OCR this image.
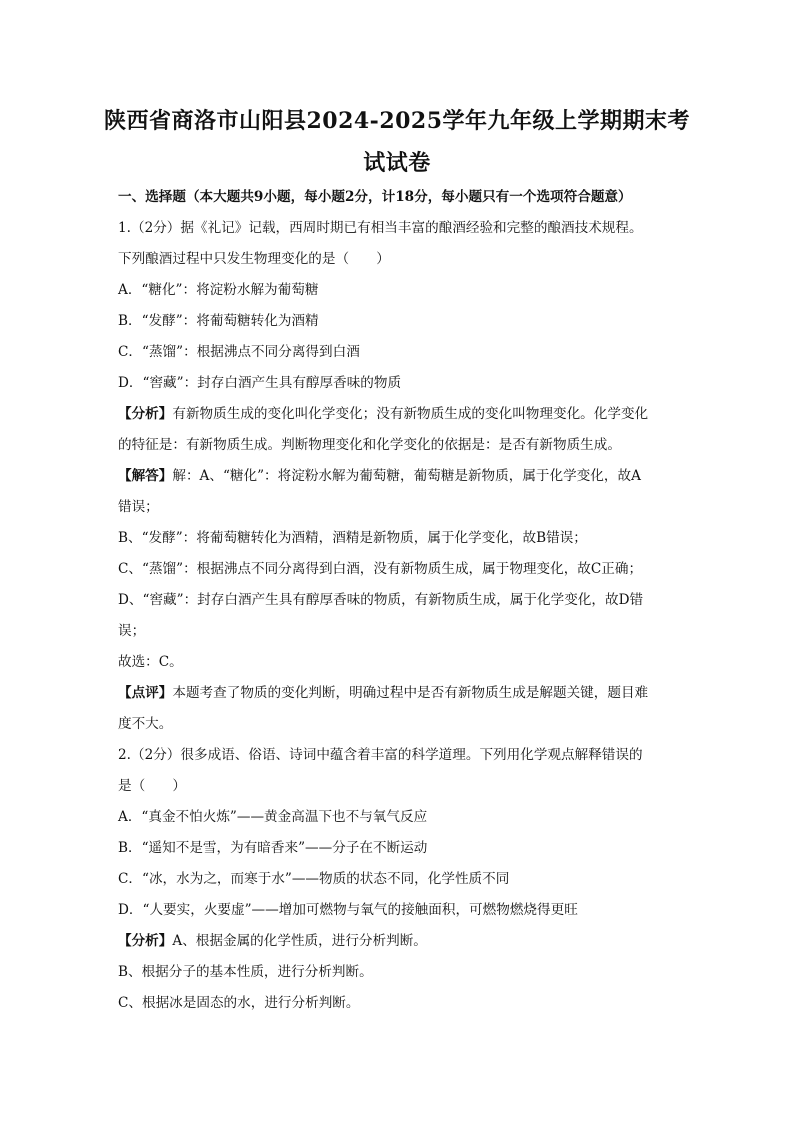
陕西省商洛市山阳县2024-2025学年九年级上学期期末考
试试卷
一、选择题（本大题共9小题，每小题2分，计18分，每小题只有一个选项符合题意）
1.（2分）据《礼记》记载，西周时期已有相当丰富的酿酒经验和完整的酿酒技术规程。
下列酿酒过程中只发生物理变化的是（　　）
A．“糖化”：将淀粉水解为葡萄糖
B．“发酵”：将葡萄糖转化为酒精
C．“蒸馏”：根据沸点不同分离得到白酒
D．“窖藏”：封存白酒产生具有醇厚香味的物质
【分析】有新物质生成的变化叫化学变化；没有新物质生成的变化叫物理变化。化学变化
的特征是：有新物质生成。判断物理变化和化学变化的依据是：是否有新物质生成。
【解答】解：A、“糖化”：将淀粉水解为葡萄糖，葡萄糖是新物质，属于化学变化，故A
错误；
B、“发酵”：将葡萄糖转化为酒精，酒精是新物质，属于化学变化，故B错误；
C、“蒸馏”：根据沸点不同分离得到白酒，没有新物质生成，属于物理变化，故C正确；
D、“窖藏”：封存白酒产生具有醇厚香味的物质，有新物质生成，属于化学变化，故D错
误；
故选：C。
【点评】本题考查了物质的变化判断，明确过程中是否有新物质生成是解题关键，题目难
度不大。
2.（2分）很多成语、俗语、诗词中蕴含着丰富的科学道理。下列用化学观点解释错误的
是（　　）
A．“真金不怕火炼”——黄金高温下也不与氧气反应
B．“遥知不是雪，为有暗香来”——分子在不断运动
C．“冰，水为之，而寒于水”——物质的状态不同，化学性质不同
D．“人要实，火要虚”——增加可燃物与氧气的接触面积，可燃物燃烧得更旺
【分析】A、根据金属的化学性质，进行分析判断。
B、根据分子的基本性质，进行分析判断。
C、根据冰是固态的水，进行分析判断。
